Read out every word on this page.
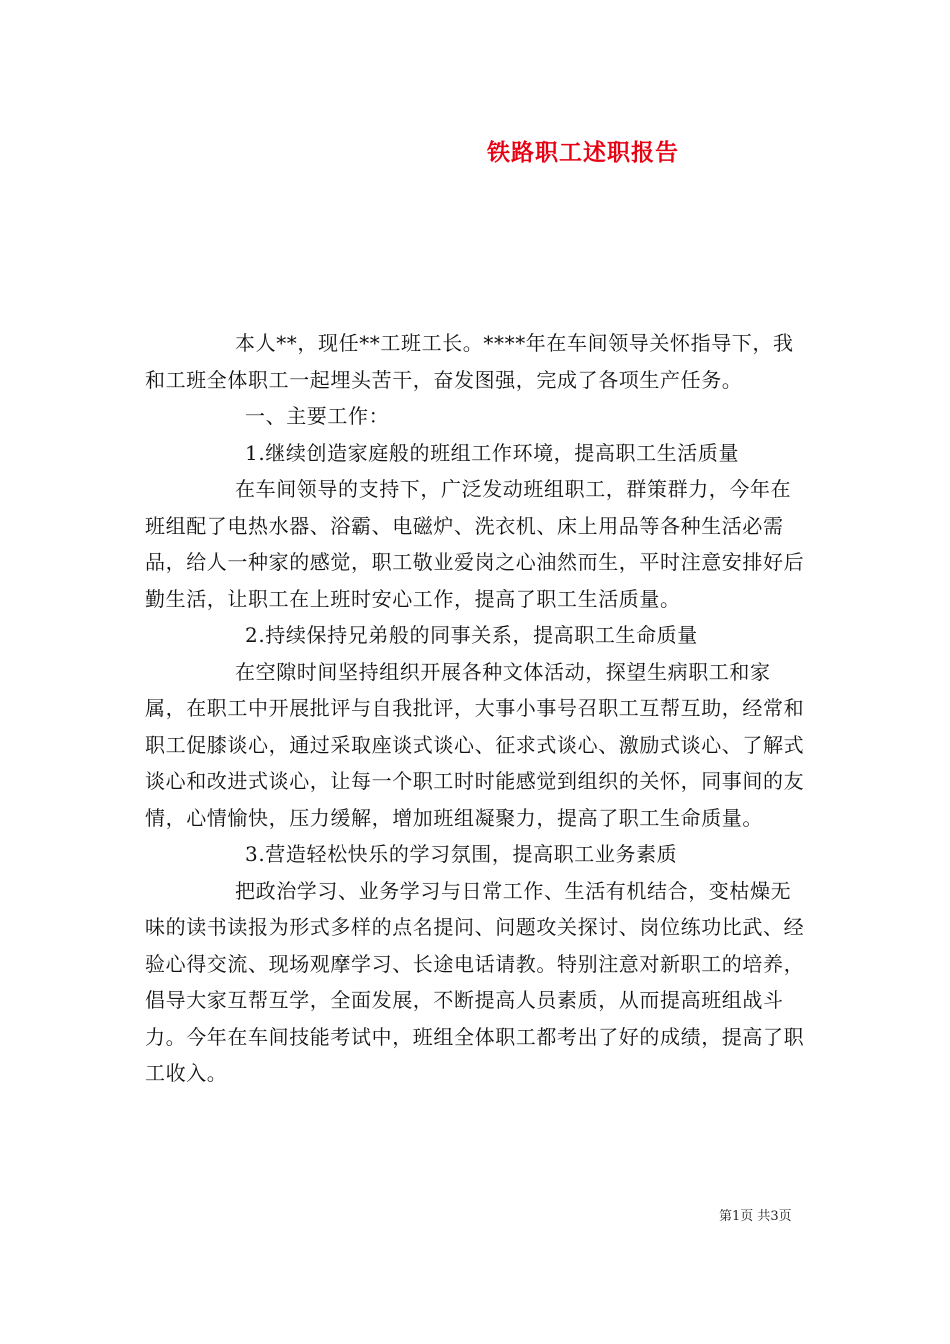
铁路职工述职报告

本人**，现任**工班工长。****年在车间领导关怀指导下，我和工班全体职工一起埋头苦干，奋发图强，完成了各项生产任务。

一、主要工作：

1.继续创造家庭般的班组工作环境，提高职工生活质量

在车间领导的支持下，广泛发动班组职工，群策群力，今年在班组配了电热水器、浴霸、电磁炉、洗衣机、床上用品等各种生活必需品，给人一种家的感觉，职工敬业爱岗之心油然而生，平时注意安排好后勤生活，让职工在上班时安心工作，提高了职工生活质量。

2.持续保持兄弟般的同事关系，提高职工生命质量

在空隙时间坚持组织开展各种文体活动，探望生病职工和家属，在职工中开展批评与自我批评，大事小事号召职工互帮互助，经常和职工促膝谈心，通过采取座谈式谈心、征求式谈心、激励式谈心、了解式谈心和改进式谈心，让每一个职工时时能感觉到组织的关怀，同事间的友情，心情愉快，压力缓解，增加班组凝聚力，提高了职工生命质量。

3.营造轻松快乐的学习氛围，提高职工业务素质

把政治学习、业务学习与日常工作、生活有机结合，变枯燥无味的读书读报为形式多样的点名提问、问题攻关探讨、岗位练功比武、经验心得交流、现场观摩学习、长途电话请教。特别注意对新职工的培养，倡导大家互帮互学，全面发展，不断提高人员素质，从而提高班组战斗力。今年在车间技能考试中，班组全体职工都考出了好的成绩，提高了职工收入。

第1页 共3页
